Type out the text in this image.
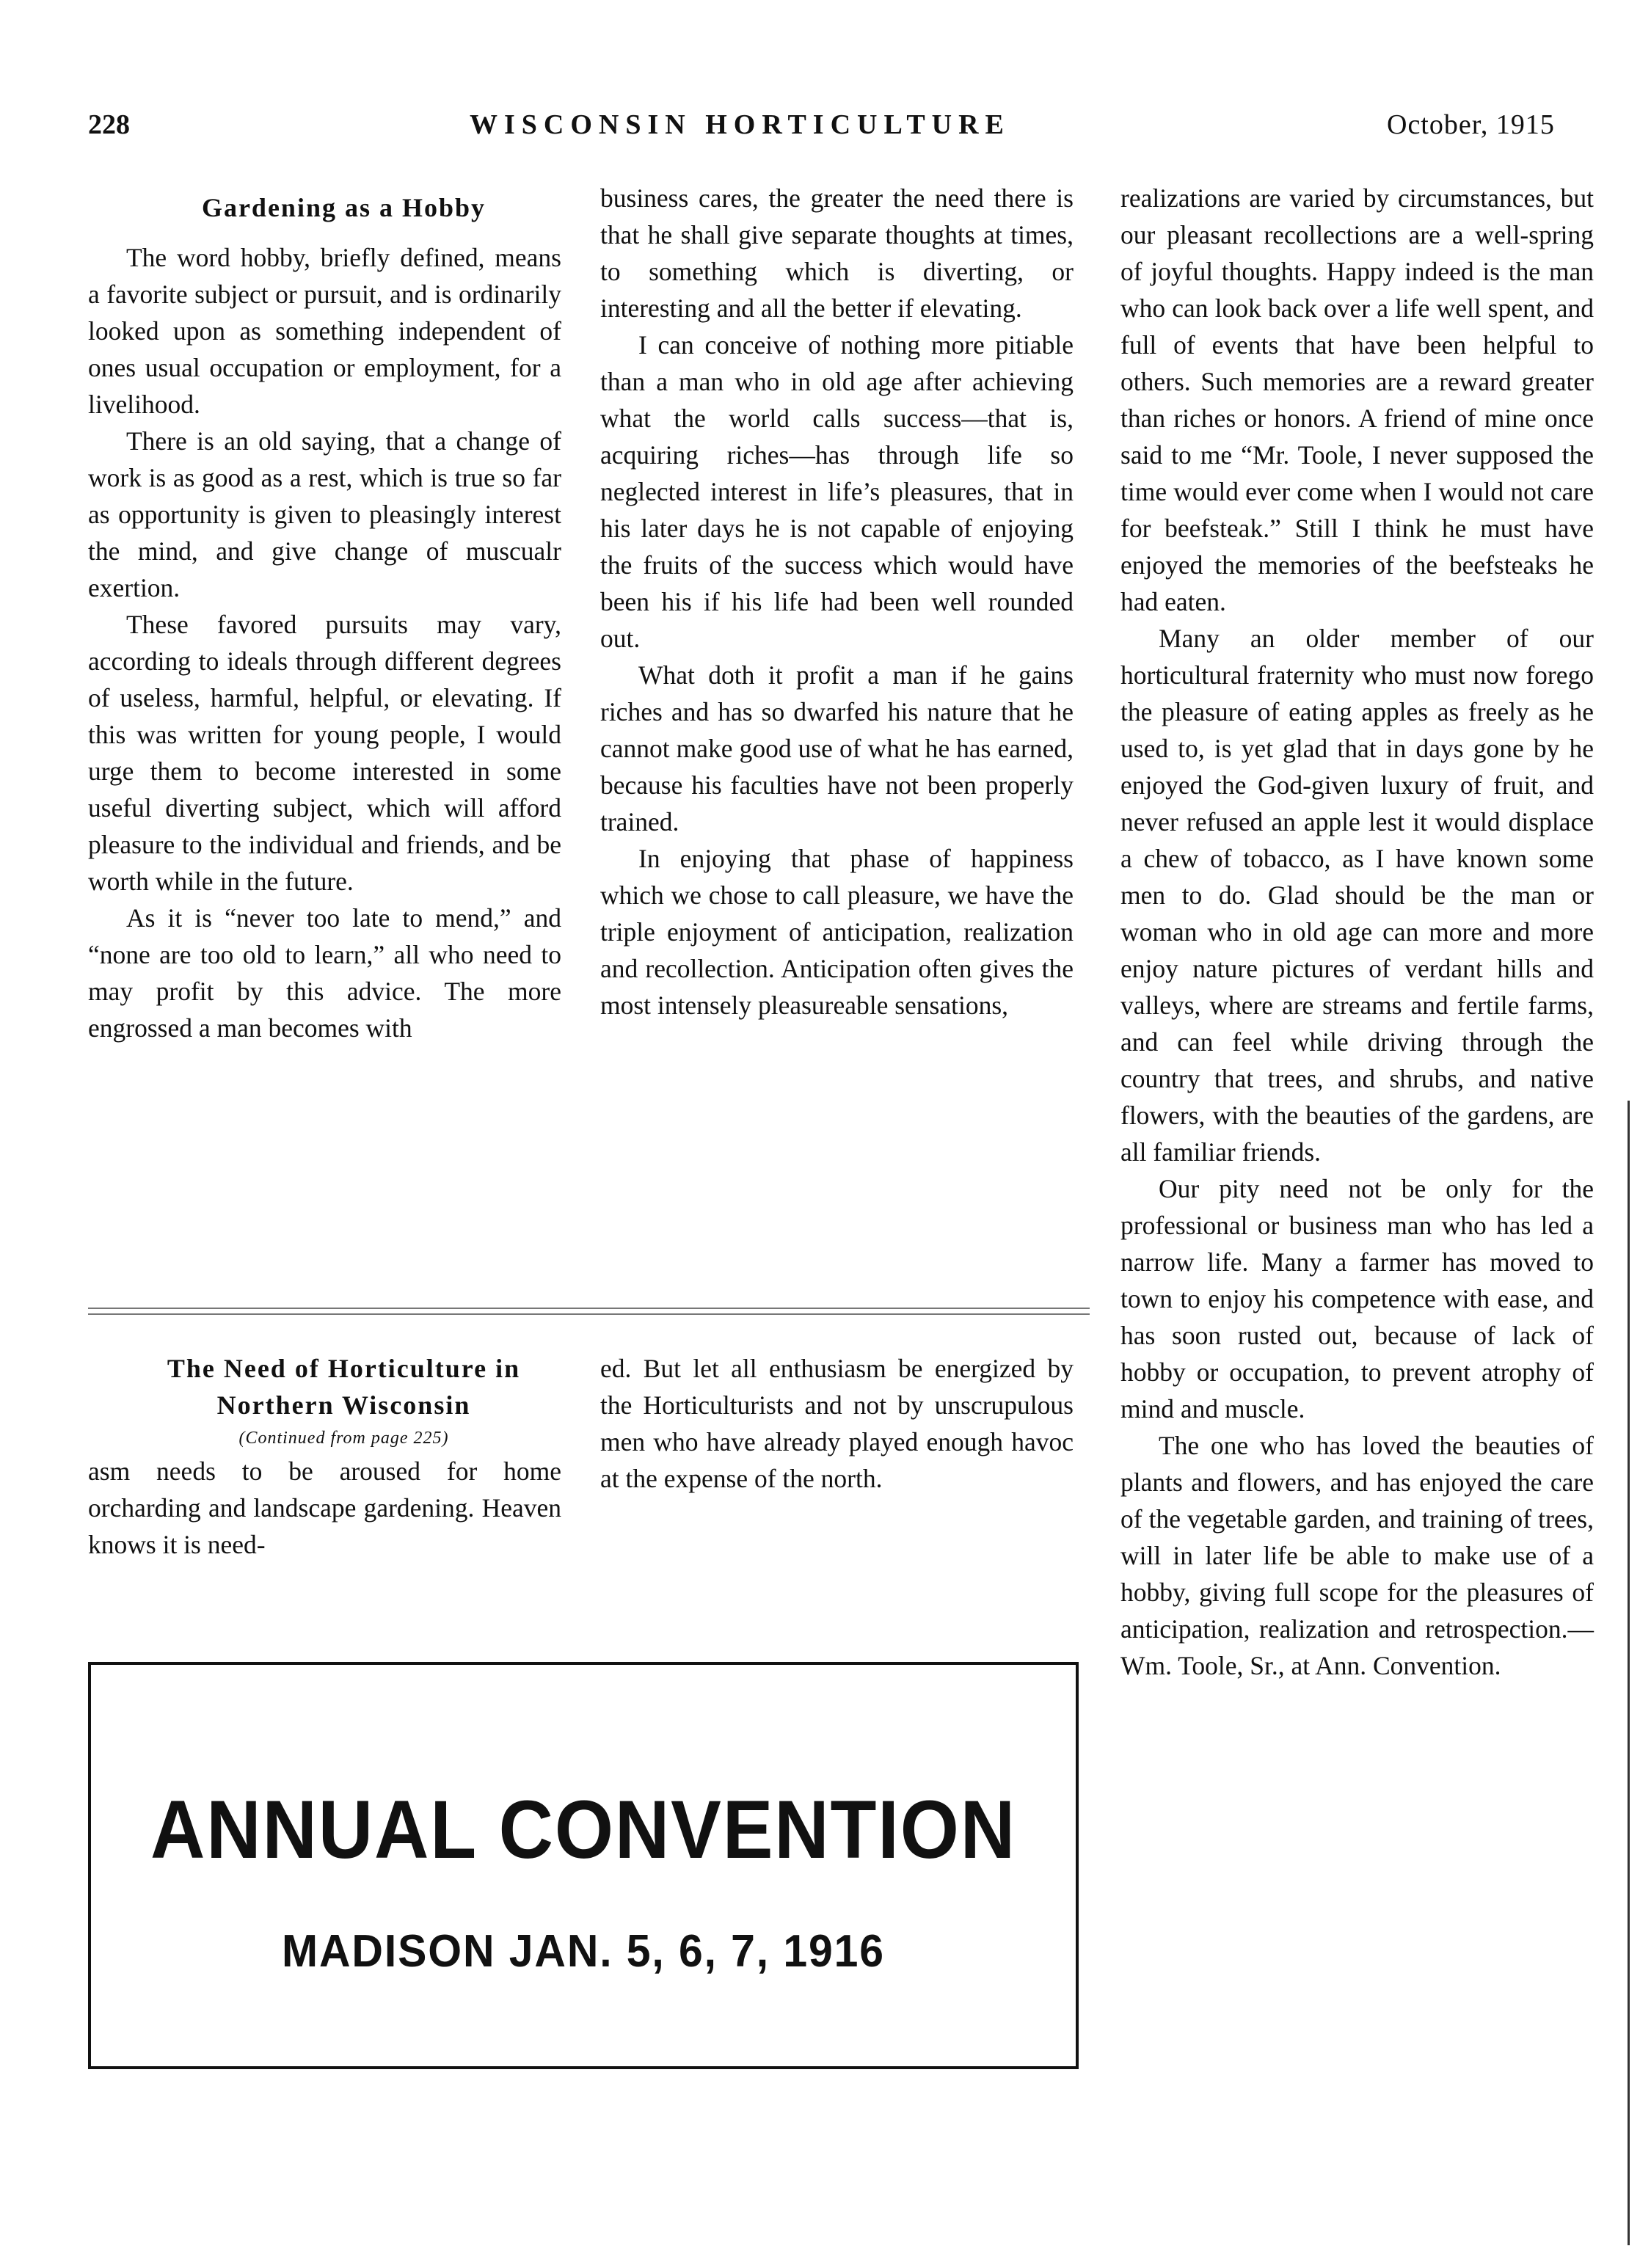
228	WISCONSIN HORTICULTURE	October, 1915

Gardening as a Hobby

The word hobby, briefly defined, means a favorite subject or pursuit, and is ordinarily looked upon as something independent of ones usual occupation or employment, for a livelihood.

There is an old saying, that a change of work is as good as a rest, which is true so far as opportunity is given to pleasingly interest the mind, and give change of muscualr exertion.

These favored pursuits may vary, according to ideals through different degrees of useless, harmful, helpful, or elevating. If this was written for young people, I would urge them to become interested in some useful diverting subject, which will afford pleasure to the individual and friends, and be worth while in the future.

As it is “never too late to mend,” and “none are too old to learn,” all who need to may profit by this advice. The more engrossed a man becomes with

business cares, the greater the need there is that he shall give separate thoughts at times, to something which is diverting, or interesting and all the better if elevating.

I can conceive of nothing more pitiable than a man who in old age after achieving what the world calls success—that is, acquiring riches—has through life so neglected interest in life’s pleasures, that in his later days he is not capable of enjoying the fruits of the success which would have been his if his life had been well rounded out.

What doth it profit a man if he gains riches and has so dwarfed his nature that he cannot make good use of what he has earned, because his faculties have not been properly trained.

In enjoying that phase of happiness which we chose to call pleasure, we have the triple enjoyment of anticipation, realization and recollection. Anticipation often gives the most intensely pleasureable sensations,

realizations are varied by circumstances, but our pleasant recollections are a well-spring of joyful thoughts. Happy indeed is the man who can look back over a life well spent, and full of events that have been helpful to others. Such memories are a reward greater than riches or honors. A friend of mine once said to me “Mr. Toole, I never supposed the time would ever come when I would not care for beefsteak.” Still I think he must have enjoyed the memories of the beefsteaks he had eaten.

Many an older member of our horticultural fraternity who must now forego the pleasure of eating apples as freely as he used to, is yet glad that in days gone by he enjoyed the God-given luxury of fruit, and never refused an apple lest it would displace a chew of tobacco, as I have known some men to do. Glad should be the man or woman who in old age can more and more enjoy nature pictures of verdant hills and valleys, where are streams and fertile farms, and can feel while driving through the country that trees, and shrubs, and native flowers, with the beauties of the gardens, are all familiar friends.

Our pity need not be only for the professional or business man who has led a narrow life. Many a farmer has moved to town to enjoy his competence with ease, and has soon rusted out, because of lack of hobby or occupation, to prevent atrophy of mind and muscle.

The one who has loved the beauties of plants and flowers, and has enjoyed the care of the vegetable garden, and training of trees, will in later life be able to make use of a hobby, giving full scope for the pleasures of anticipation, realization and retrospection.—Wm. Toole, Sr., at Ann. Convention.

The Need of Horticulture in

Northern Wisconsin

(Continued from page 225)

asm needs to be aroused for home orcharding and landscape gardening. Heaven knows it is need-

ed. But let all enthusiasm be energized by the Horticulturists and not by unscrupulous men who have already played enough havoc at the expense of the north.

ANNUAL CONVENTION
MADISON JAN. 5, 6, 7, 1916
